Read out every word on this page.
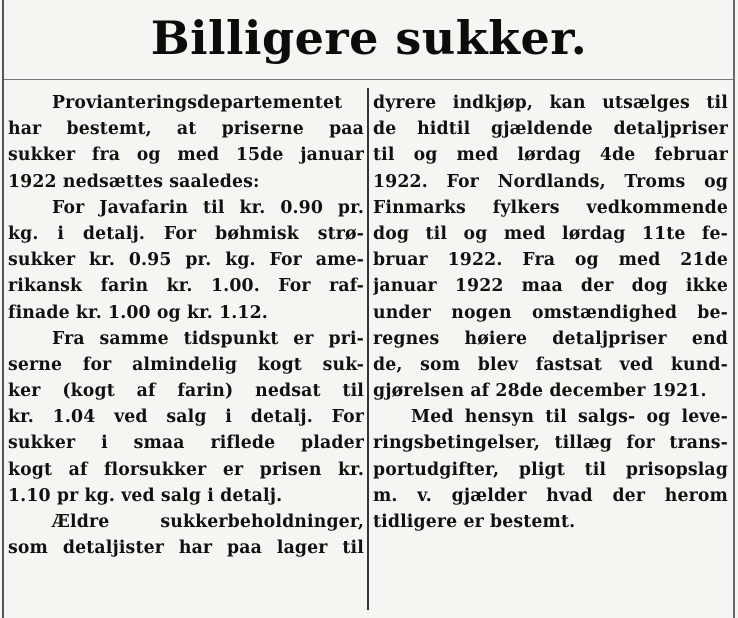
Billigere sukker.
Provianteringsdepartementet
har bestemt, at priserne paa
sukker fra og med 15de januar
1922 nedsættes saaledes:
For Javafarin til kr. 0.90 pr.
kg. i detalj. For bøhmisk strø-
sukker kr. 0.95 pr. kg. For ame-
rikansk farin kr. 1.00. For raf-
finade kr. 1.00 og kr. 1.12.
Fra samme tidspunkt er pri-
serne for almindelig kogt suk-
ker (kogt af farin) nedsat til
kr. 1.04 ved salg i detalj. For
sukker i smaa riflede plader
kogt af florsukker er prisen kr.
1.10 pr kg. ved salg i detalj.
Ældre sukkerbeholdninger,
som detaljister har paa lager til
dyrere indkjøp, kan utsælges til
de hidtil gjældende detaljpriser
til og med lørdag 4de februar
1922. For Nordlands, Troms og
Finmarks fylkers vedkommende
dog til og med lørdag 11te fe-
bruar 1922. Fra og med 21de
januar 1922 maa der dog ikke
under nogen omstændighed be-
regnes høiere detaljpriser end
de, som blev fastsat ved kund-
gjørelsen af 28de december 1921.
Med hensyn til salgs- og leve-
ringsbetingelser, tillæg for trans-
portudgifter, pligt til prisopslag
m. v. gjælder hvad der herom
tidligere er bestemt.
